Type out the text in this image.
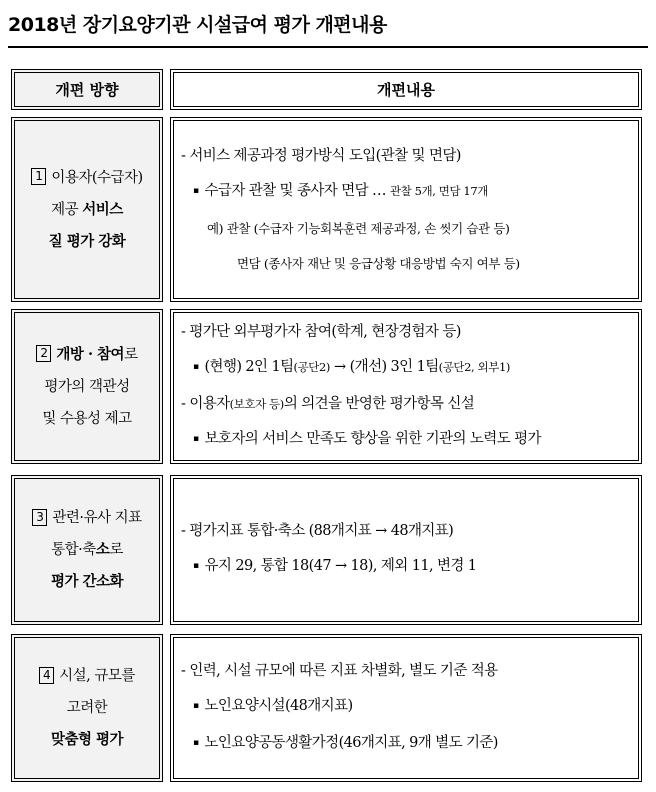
2018년 장기요양기관 시설급여 평가 개편내용
개편 방향	개편내용
1 이용자(수급자)
제공 서비스
질 평가 강화
- 서비스 제공과정 평가방식 도입(관찰 및 면담)
▪ 수급자 관찰 및 종사자 면담 … 관찰 5개, 면담 17개
예) 관찰 (수급자 기능회복훈련 제공과정, 손 씻기 습관 등)
면담 (종사자 재난 및 응급상황 대응방법 숙지 여부 등)
2 개방 · 참여로
평가의 객관성
및 수용성 제고
- 평가단 외부평가자 참여(학계, 현장경험자 등)
▪ (현행) 2인 1팀(공단2) → (개선) 3인 1팀(공단2, 외부1)
- 이용자(보호자 등)의 의견을 반영한 평가항목 신설
▪ 보호자의 서비스 만족도 향상을 위한 기관의 노력도 평가
3 관련·유사 지표
통합·축소로
평가 간소화
- 평가지표 통합·축소 (88개지표 → 48개지표)
▪ 유지 29, 통합 18(47 → 18), 제외 11, 변경 1
4 시설, 규모를
고려한
맞춤형 평가
- 인력, 시설 규모에 따른 지표 차별화, 별도 기준 적용
▪ 노인요양시설(48개지표)
▪ 노인요양공동생활가정(46개지표, 9개 별도 기준)
